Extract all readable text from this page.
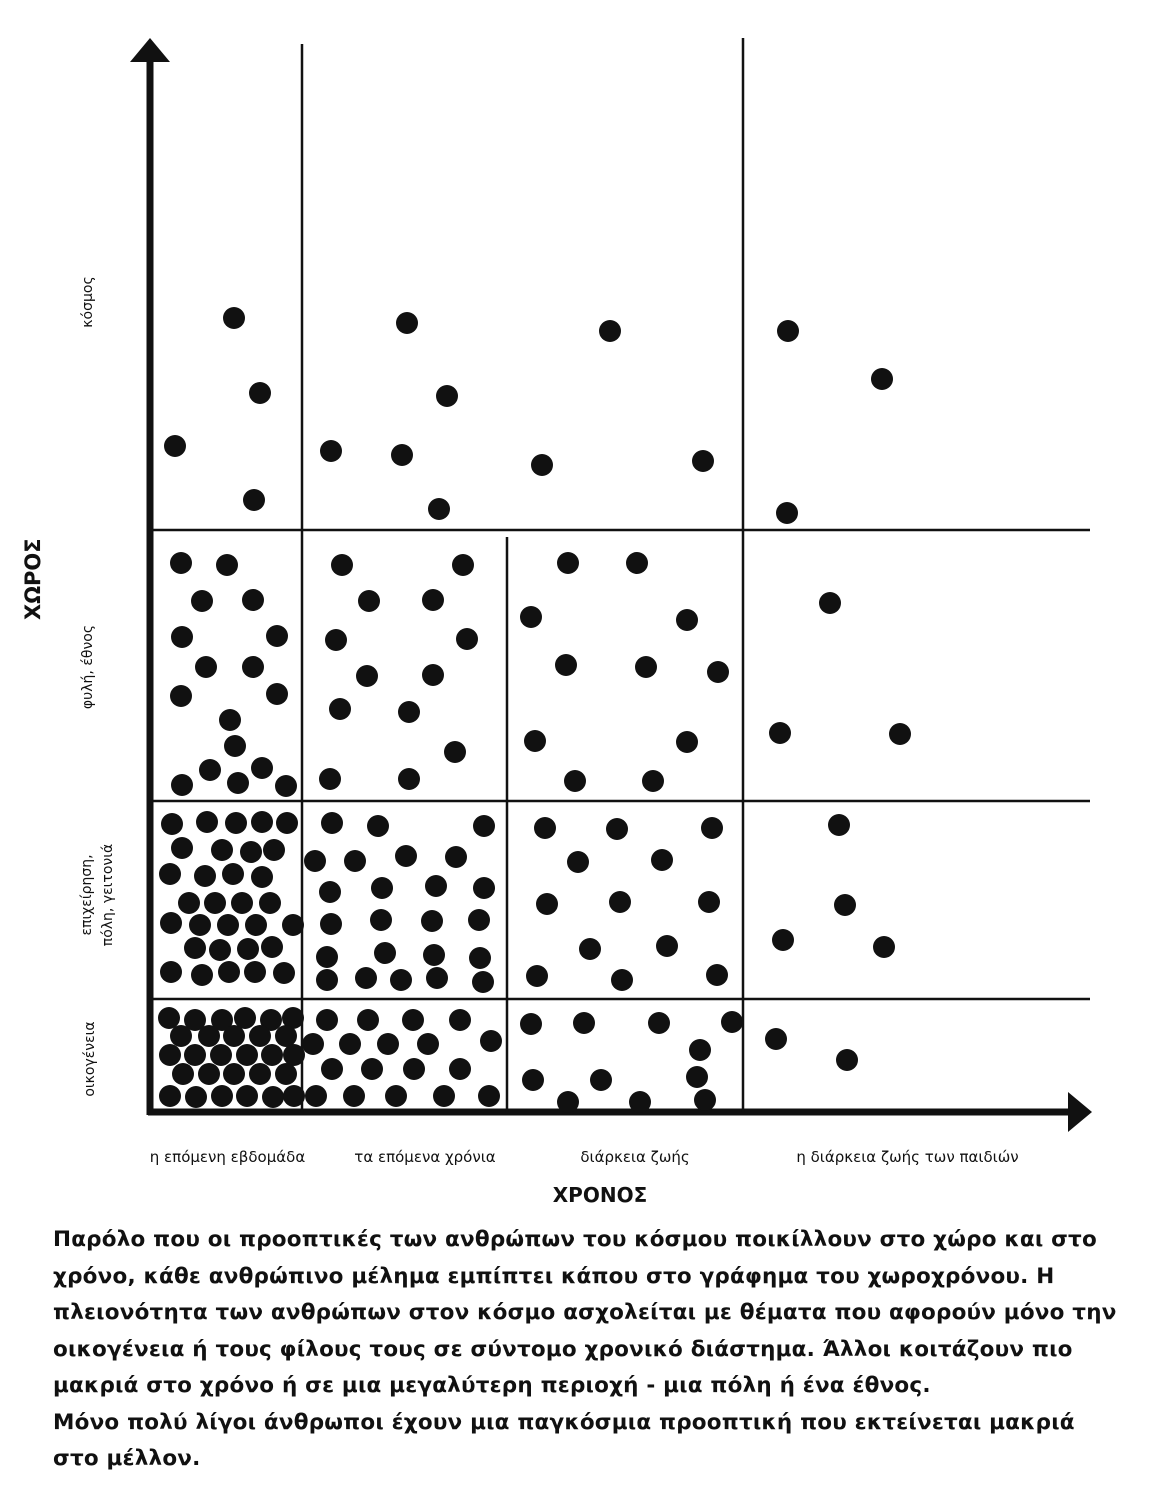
ΧΩΡΟΣ
κόσμος
φυλή, έθνος
επιχείρηση, πόλη, γειτονιά
οικογένεια
η επόμενη εβδομάδα	τα επόμενα χρόνια	διάρκεια ζωής	η διάρκεια ζωής των παιδιών
ΧΡΟΝΟΣ
Παρόλο που οι προοπτικές των ανθρώπων του κόσμου ποικίλλουν στο χώρο και στο
χρόνο, κάθε ανθρώπινο μέλημα εμπίπτει κάπου στο γράφημα του χωροχρόνου. Η
πλειονότητα των ανθρώπων στον κόσμο ασχολείται με θέματα που αφορούν μόνο την
οικογένεια ή τους φίλους τους σε σύντομο χρονικό διάστημα. Άλλοι κοιτάζουν πιο
μακριά στο χρόνο ή σε μια μεγαλύτερη περιοχή - μια πόλη ή ένα έθνος.
Μόνο πολύ λίγοι άνθρωποι έχουν μια παγκόσμια προοπτική που εκτείνεται μακριά
στο μέλλον.
